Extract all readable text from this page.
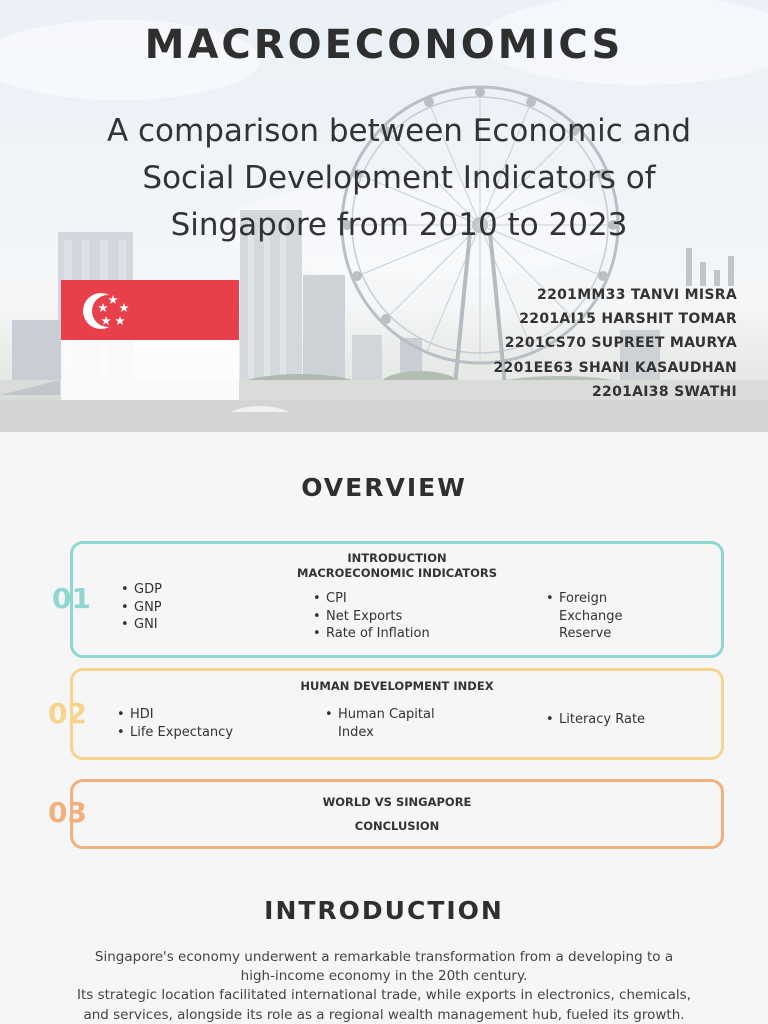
MACROECONOMICS
A comparison between Economic and
Social Development Indicators of
Singapore from 2010 to 2023
2201MM33 TANVI MISRA
2201AI15 HARSHIT TOMAR
2201CS70 SUPREET MAURYA
2201EE63 SHANI KASAUDHAN
2201AI38 SWATHI
OVERVIEW
01
INTRODUCTION
MACROECONOMIC INDICATORS
• GDP
• GNP
• GNI
• CPI
• Net Exports
• Rate of Inflation
• Foreign Exchange Reserve
02
HUMAN DEVELOPMENT INDEX
• HDI
• Life Expectancy
• Human Capital Index
• Literacy Rate
03	WORLD VS SINGAPORE
CONCLUSION
INTRODUCTION
Singapore's economy underwent a remarkable transformation from a developing to a
high-income economy in the 20th century.
Its strategic location facilitated international trade, while exports in electronics, chemicals,
and services, alongside its role as a regional wealth management hub, fueled its growth.
